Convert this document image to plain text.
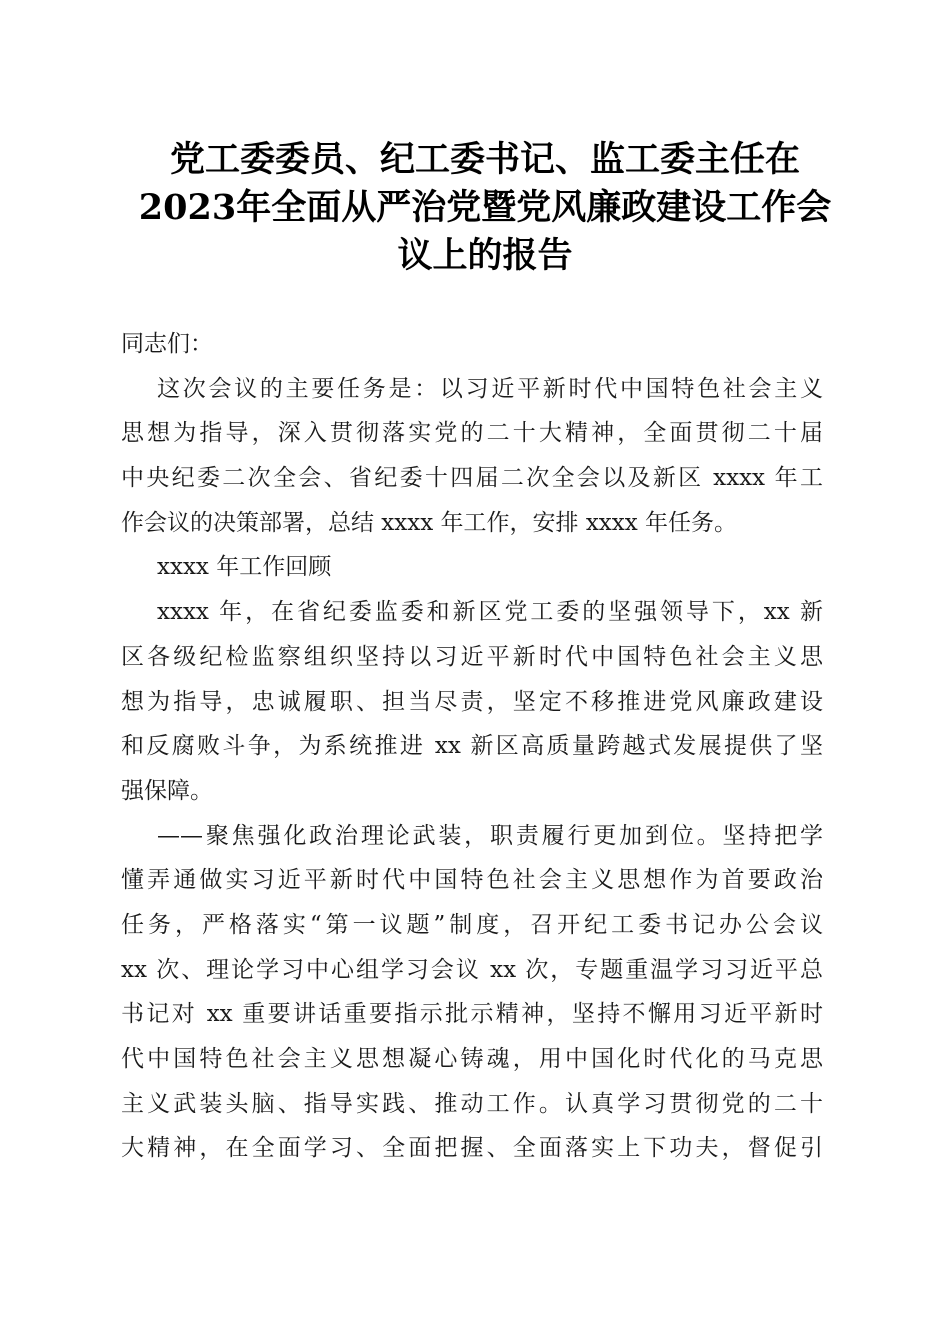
党工委委员、纪工委书记、监工委主任在
2023年全面从严治党暨党风廉政建设工作会
议上的报告
同志们：
这次会议的主要任务是：以习近平新时代中国特色社会主义
思想为指导，深入贯彻落实党的二十大精神，全面贯彻二十届
中央纪委二次全会、省纪委十四届二次全会以及新区 xxxx 年工
作会议的决策部署，总结 xxxx 年工作，安排 xxxx 年任务。
xxxx 年工作回顾
xxxx 年，在省纪委监委和新区党工委的坚强领导下，xx 新
区各级纪检监察组织坚持以习近平新时代中国特色社会主义思
想为指导，忠诚履职、担当尽责，坚定不移推进党风廉政建设
和反腐败斗争，为系统推进 xx 新区高质量跨越式发展提供了坚
强保障。
——聚焦强化政治理论武装，职责履行更加到位。坚持把学
懂弄通做实习近平新时代中国特色社会主义思想作为首要政治
任务，严格落实“第一议题”制度，召开纪工委书记办公会议
xx 次、理论学习中心组学习会议 xx 次，专题重温学习习近平总
书记对 xx 重要讲话重要指示批示精神，坚持不懈用习近平新时
代中国特色社会主义思想凝心铸魂，用中国化时代化的马克思
主义武装头脑、指导实践、推动工作。认真学习贯彻党的二十
大精神，在全面学习、全面把握、全面落实上下功夫，督促引
